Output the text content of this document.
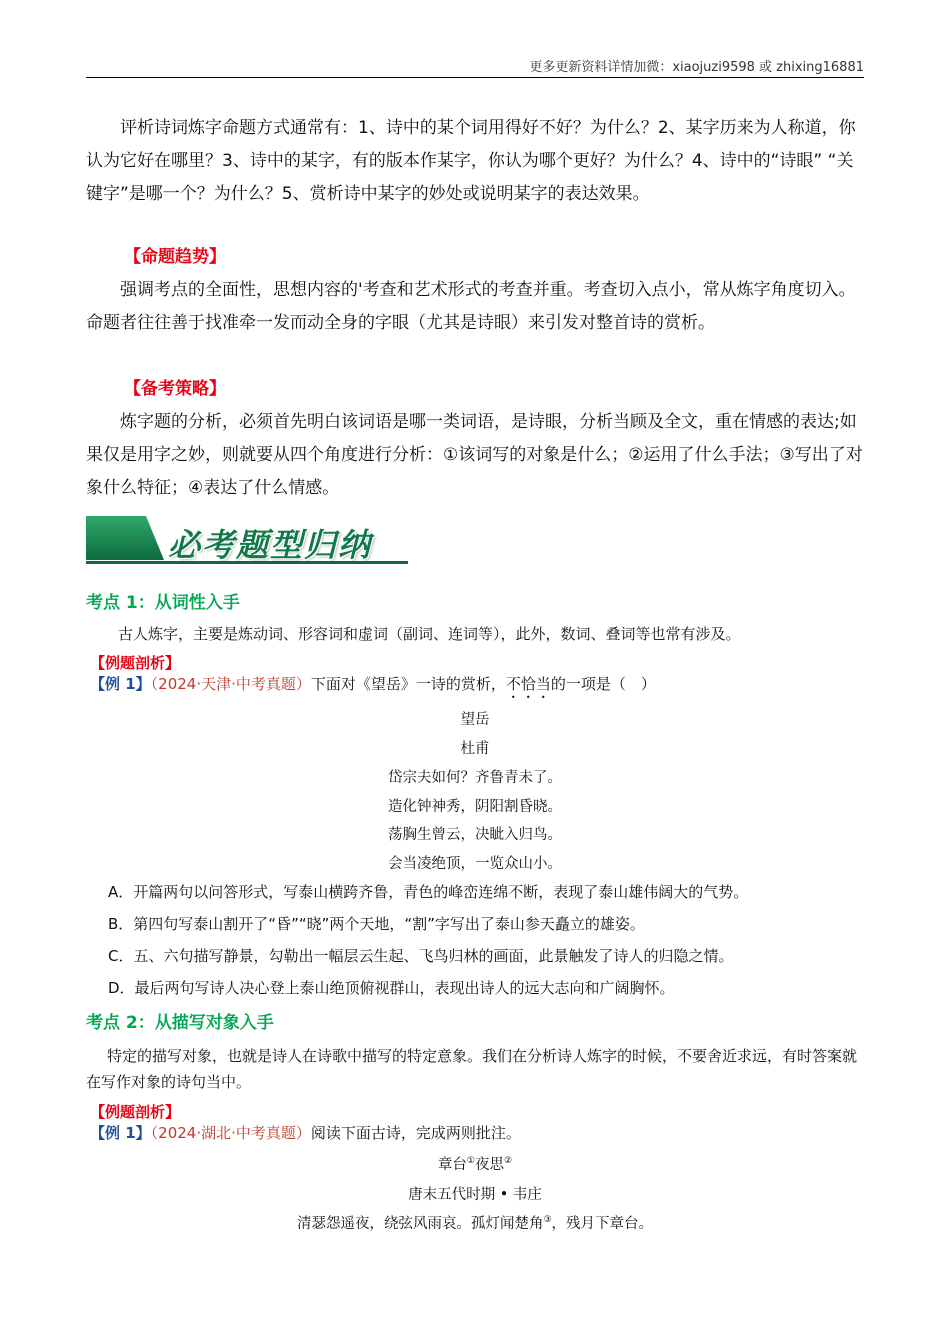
更多更新资料详情加微：xiaojuzi9598 或 zhixing16881
评析诗词炼字命题方式通常有：1、诗中的某个词用得好不好？为什么？2、某字历来为人称道，你认为它好在哪里？3、诗中的某字，有的版本作某字，你认为哪个更好？为什么？4、诗中的“诗眼” “关键字”是哪一个？为什么？5、赏析诗中某字的妙处或说明某字的表达效果。
【命题趋势】
强调考点的全面性，思想内容的'考查和艺术形式的考查并重。考查切入点小，常从炼字角度切入。命题者往往善于找准牵一发而动全身的字眼（尤其是诗眼）来引发对整首诗的赏析。
【备考策略】
炼字题的分析，必须首先明白该词语是哪一类词语，是诗眼，分析当顾及全文，重在情感的表达;如果仅是用字之妙，则就要从四个角度进行分析：①该词写的对象是什么；②运用了什么手法；③写出了对象什么特征；④表达了什么情感。
必考题型归纳
考点 1：从词性入手
古人炼字，主要是炼动词、形容词和虚词（副词、连词等），此外，数词、叠词等也常有涉及。
【例题剖析】
【例 1】（2024·天津·中考真题）下面对《望岳》一诗的赏析，不恰当的一项是（　）
望岳
杜甫
岱宗夫如何？齐鲁青未了。
造化钟神秀，阴阳割昏晓。
荡胸生曾云，决眦入归鸟。
会当凌绝顶，一览众山小。
A．开篇两句以问答形式，写泰山横跨齐鲁，青色的峰峦连绵不断，表现了泰山雄伟阔大的气势。
B．第四句写泰山割开了“昏”“晓”两个天地，“割”字写出了泰山参天矗立的雄姿。
C．五、六句描写静景，勾勒出一幅层云生起、飞鸟归林的画面，此景触发了诗人的归隐之情。
D．最后两句写诗人决心登上泰山绝顶俯视群山，表现出诗人的远大志向和广阔胸怀。
考点 2：从描写对象入手
特定的描写对象，也就是诗人在诗歌中描写的特定意象。我们在分析诗人炼字的时候，不要舍近求远，有时答案就在写作对象的诗句当中。
【例题剖析】
【例 1】（2024·湖北·中考真题）阅读下面古诗，完成两则批注。
章台①夜思②
唐末五代时期 • 韦庄
清瑟怨遥夜，绕弦风雨哀。孤灯闻楚角③，残月下章台。
